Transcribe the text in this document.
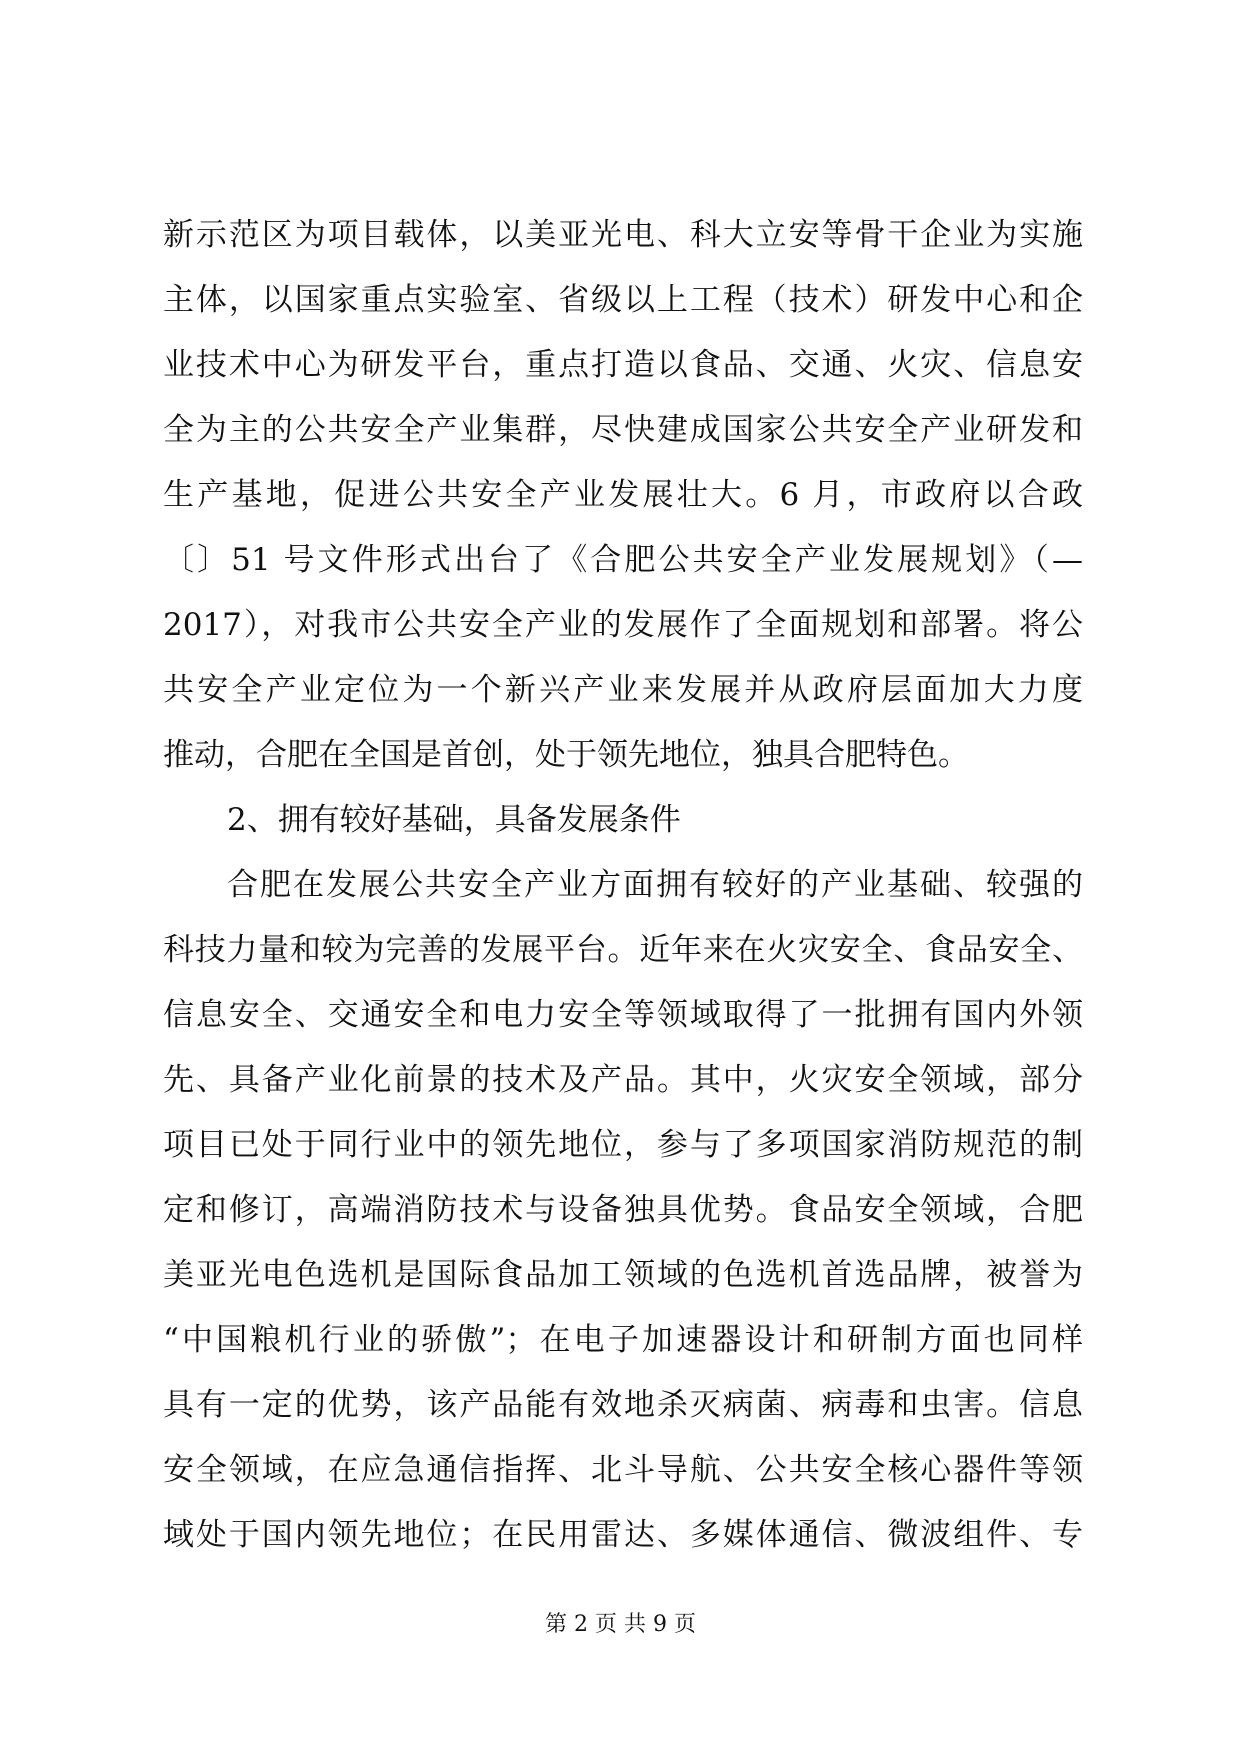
新示范区为项目载体，以美亚光电、科大立安等骨干企业为实施
主体，以国家重点实验室、省级以上工程（技术）研发中心和企
业技术中心为研发平台，重点打造以食品、交通、火灾、信息安
全为主的公共安全产业集群，尽快建成国家公共安全产业研发和
生产基地，促进公共安全产业发展壮大。6 月，市政府以合政
〔〕51 号文件形式出台了《合肥公共安全产业发展规划》（—
2017），对我市公共安全产业的发展作了全面规划和部署。将公
共安全产业定位为一个新兴产业来发展并从政府层面加大力度
推动，合肥在全国是首创，处于领先地位，独具合肥特色。
2、拥有较好基础，具备发展条件
合肥在发展公共安全产业方面拥有较好的产业基础、较强的
科技力量和较为完善的发展平台。近年来在火灾安全、食品安全、
信息安全、交通安全和电力安全等领域取得了一批拥有国内外领
先、具备产业化前景的技术及产品。其中，火灾安全领域，部分
项目已处于同行业中的领先地位，参与了多项国家消防规范的制
定和修订，高端消防技术与设备独具优势。食品安全领域，合肥
美亚光电色选机是国际食品加工领域的色选机首选品牌，被誉为
“中国粮机行业的骄傲”；在电子加速器设计和研制方面也同样
具有一定的优势，该产品能有效地杀灭病菌、病毒和虫害。信息
安全领域，在应急通信指挥、北斗导航、公共安全核心器件等领
域处于国内领先地位；在民用雷达、多媒体通信、微波组件、专
第 2 页 共 9 页
